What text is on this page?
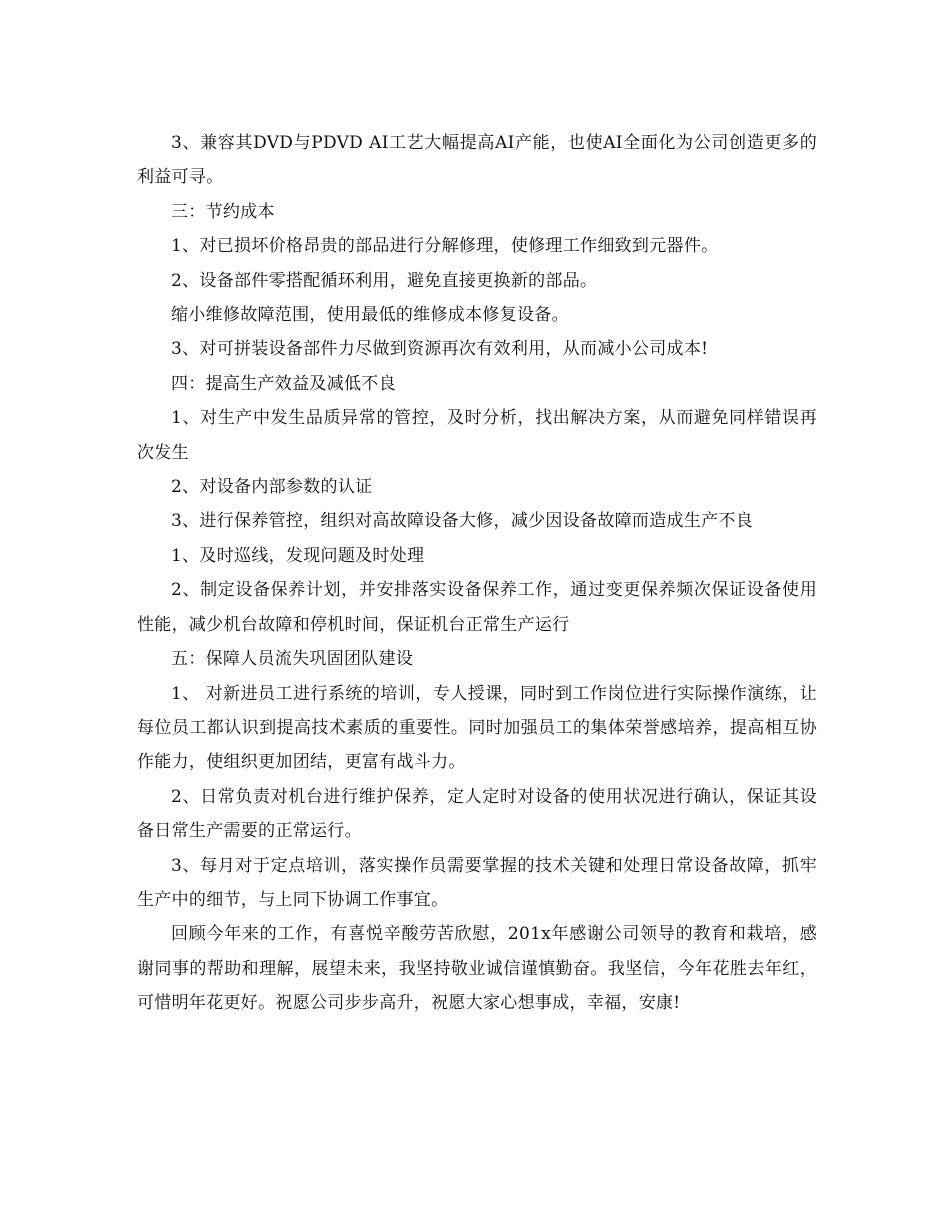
3、兼容其DVD与PDVD AI工艺大幅提高AI产能，也使AI全面化为公司创造更多的利益可寻。

三：节约成本

1、对已损坏价格昂贵的部品进行分解修理，使修理工作细致到元器件。

2、设备部件零搭配循环利用，避免直接更换新的部品。

缩小维修故障范围，使用最低的维修成本修复设备。

3、对可拼装设备部件力尽做到资源再次有效利用，从而减小公司成本!

四：提高生产效益及减低不良

1、对生产中发生品质异常的管控，及时分析，找出解决方案，从而避免同样错误再次发生

2、对设备内部参数的认证

3、进行保养管控，组织对高故障设备大修，减少因设备故障而造成生产不良

1、及时巡线，发现问题及时处理

2、制定设备保养计划，并安排落实设备保养工作，通过变更保养频次保证设备使用性能，减少机台故障和停机时间，保证机台正常生产运行

五：保障人员流失巩固团队建设

1、 对新进员工进行系统的培训，专人授课，同时到工作岗位进行实际操作演练，让每位员工都认识到提高技术素质的重要性。同时加强员工的集体荣誉感培养，提高相互协作能力，使组织更加团结，更富有战斗力。

2、日常负责对机台进行维护保养，定人定时对设备的使用状况进行确认，保证其设备日常生产需要的正常运行。

3、每月对于定点培训，落实操作员需要掌握的技术关键和处理日常设备故障，抓牢生产中的细节，与上同下协调工作事宜。

回顾今年来的工作，有喜悦辛酸劳苦欣慰，201x年感谢公司领导的教育和栽培，感谢同事的帮助和理解，展望未来，我坚持敬业诚信谨慎勤奋。我坚信，今年花胜去年红，可惜明年花更好。祝愿公司步步高升，祝愿大家心想事成，幸福，安康!
